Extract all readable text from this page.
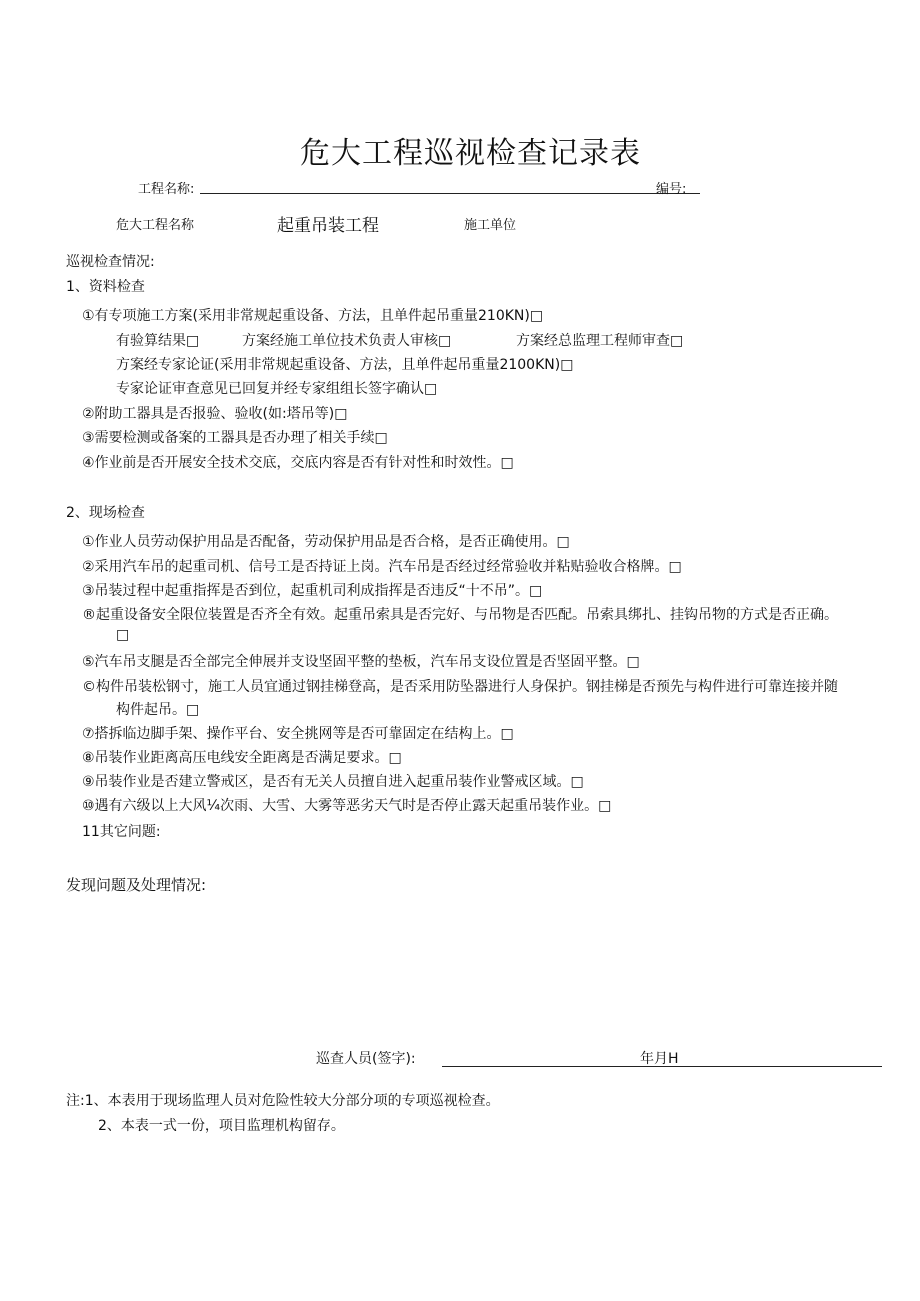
危大工程巡视检查记录表
工程名称:	编号:
危大工程名称	起重吊装工程	施工单位
巡视检查情况:
1、资料检查
①有专项施工方案(采用非常规起重设备、方法，且单件起吊重量210KN)□
有验算结果□	方案经施工单位技术负责人审核□	方案经总监理工程师审查□
方案经专家论证(采用非常规起重设备、方法，且单件起吊重量2100KN)□
专家论证审查意见已回复并经专家组组长签字确认□
②附助工器具是否报验、验收(如:塔吊等)□
③需要检测或备案的工器具是否办理了相关手续□
④作业前是否开展安全技术交底，交底内容是否有针对性和时效性。□
2、现场检查
①作业人员劳动保护用品是否配备，劳动保护用品是否合格，是否正确使用。□
②采用汽车吊的起重司机、信号工是否持证上岗。汽车吊是否经过经常验收并粘贴验收合格牌。□
③吊装过程中起重指挥是否到位，起重机司利成指挥是否违反“十不吊”。□
®起重设备安全限位装置是否齐全有效。起重吊索具是否完好、与吊物是否匹配。吊索具绑扎、挂钩吊物的方式是否正确。
□
⑤汽车吊支腿是否全部完全伸展并支设坚固平整的垫板，汽车吊支设位置是否坚固平整。□
©构件吊装松钢寸，施工人员宜通过钢挂梯登高，是否采用防坠器进行人身保护。钢挂梯是否预先与构件进行可靠连接并随
构件起吊。□
⑦搭拆临边脚手架、操作平台、安全挑网等是否可靠固定在结构上。□
⑧吊装作业距离高压电线安全距离是否满足要求。□
⑨吊装作业是否建立警戒区，是否有无关人员擅自进入起重吊装作业警戒区域。□
⑩遇有六级以上大风¼次雨、大雪、大雾等恶劣天气时是否停止露天起重吊装作业。□
11其它问题:
发现问题及处理情况:
巡查人员(签字):	年月H
注:1、本表用于现场监理人员对危险性较大分部分项的专项巡视检查。
2、本表一式一份，项目监理机构留存。
